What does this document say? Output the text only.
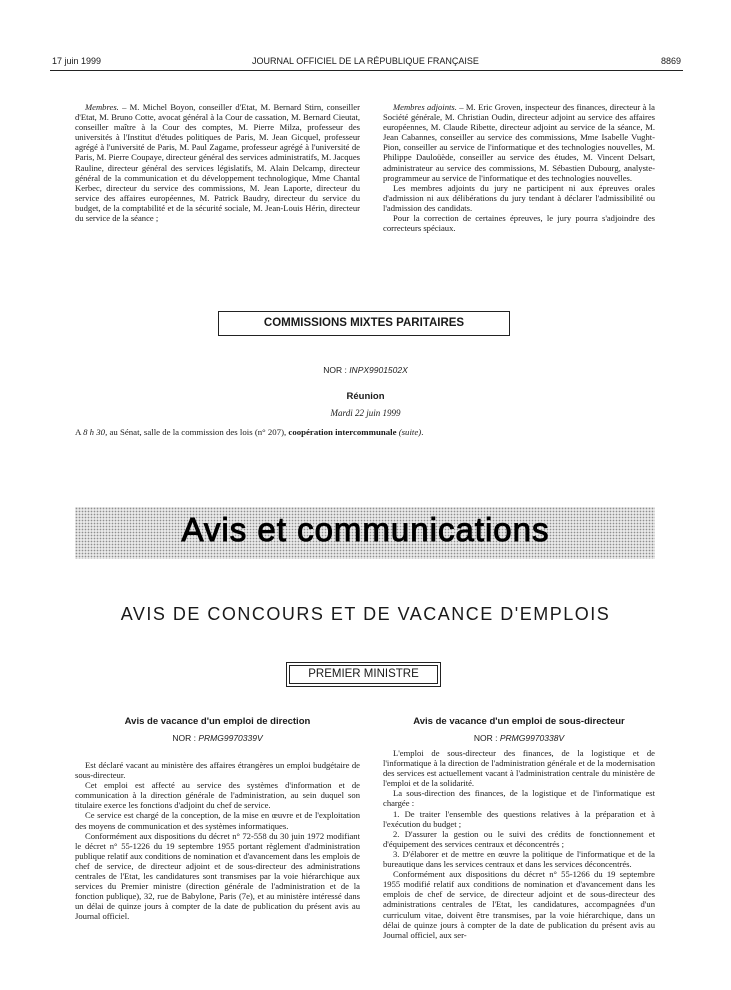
17 juin 1999	JOURNAL OFFICIEL DE LA RÉPUBLIQUE FRANÇAISE	8869

Membres. – M. Michel Boyon, conseiller d'Etat, M. Bernard Stirn, conseiller d'Etat, M. Bruno Cotte, avocat général à la Cour de cassation, M. Bernard Cieutat, conseiller maître à la Cour des comptes, M. Pierre Milza, professeur des universités à l'Institut d'études politiques de Paris, M. Jean Gicquel, professeur agrégé à l'université de Paris, M. Paul Zagame, professeur agrégé à l'université de Paris, M. Pierre Coupaye, directeur général des services administratifs, M. Jacques Rauline, directeur général des services législatifs, M. Alain Delcamp, directeur général de la communication et du développement technologique, Mme Chantal Kerbec, directeur du service des commissions, M. Jean Laporte, directeur du service des affaires européennes, M. Patrick Baudry, directeur du service du budget, de la comptabilité et de la sécurité sociale, M. Jean-Louis Hérin, directeur du service de la séance ;

Membres adjoints. – M. Eric Groven, inspecteur des finances, directeur à la Société générale, M. Christian Oudin, directeur adjoint au service des affaires européennes, M. Claude Ribette, directeur adjoint au service de la séance, M. Jean Cabannes, conseiller au service des commissions, Mme Isabelle Vught-Pion, conseiller au service de l'informatique et des technologies nouvelles, M. Philippe Dauloüède, conseiller au service des études, M. Vincent Delsart, administrateur au service des commissions, M. Sébastien Dubourg, analyste-programmeur au service de l'informatique et des technologies nouvelles.

Les membres adjoints du jury ne participent ni aux épreuves orales d'admission ni aux délibérations du jury tendant à déclarer l'admissibilité ou l'admission des candidats.

Pour la correction de certaines épreuves, le jury pourra s'adjoindre des correcteurs spéciaux.

COMMISSIONS MIXTES PARITAIRES
NOR : INPX9901502X
Réunion
Mardi 22 juin 1999

A 8 h 30, au Sénat, salle de la commission des lois (n° 207), coopération intercommunale (suite).

Avis et communications
AVIS DE CONCOURS ET DE VACANCE D'EMPLOIS
PREMIER MINISTRE
Avis de vacance d'un emploi de direction
NOR : PRMG9970339V

Est déclaré vacant au ministère des affaires étrangères un emploi budgétaire de sous-directeur.

Cet emploi est affecté au service des systèmes d'information et de communication à la direction générale de l'administration, au sein duquel son titulaire exerce les fonctions d'adjoint du chef de service.

Ce service est chargé de la conception, de la mise en œuvre et de l'exploitation des moyens de communication et des systèmes informatiques.

Conformément aux dispositions du décret n° 72-558 du 30 juin 1972 modifiant le décret n° 55-1226 du 19 septembre 1955 portant règlement d'administration publique relatif aux conditions de nomination et d'avancement dans les emplois de chef de service, de directeur adjoint et de sous-directeur des administrations centrales de l'Etat, les candidatures sont transmises par la voie hiérarchique aux services du Premier ministre (direction générale de l'administration et de la fonction publique), 32, rue de Babylone, Paris (7e), et au ministère intéressé dans un délai de quinze jours à compter de la date de publication du présent avis au Journal officiel.

Avis de vacance d'un emploi de sous-directeur
NOR : PRMG9970338V

L'emploi de sous-directeur des finances, de la logistique et de l'informatique à la direction de l'administration générale et de la modernisation des services est actuellement vacant à l'administration centrale du ministère de l'emploi et de la solidarité.

La sous-direction des finances, de la logistique et de l'informatique est chargée :

1. De traiter l'ensemble des questions relatives à la préparation et à l'exécution du budget ;

2. D'assurer la gestion ou le suivi des crédits de fonctionnement et d'équipement des services centraux et déconcentrés ;

3. D'élaborer et de mettre en œuvre la politique de l'informatique et de la bureautique dans les services centraux et dans les services déconcentrés.

Conformément aux dispositions du décret n° 55-1266 du 19 septembre 1955 modifié relatif aux conditions de nomination et d'avancement dans les emplois de chef de service, de directeur adjoint et de sous-directeur des administrations centrales de l'Etat, les candidatures, accompagnées d'un curriculum vitae, doivent être transmises, par la voie hiérarchique, dans un délai de quinze jours à compter de la date de publication du présent avis au Journal officiel, aux ser-
